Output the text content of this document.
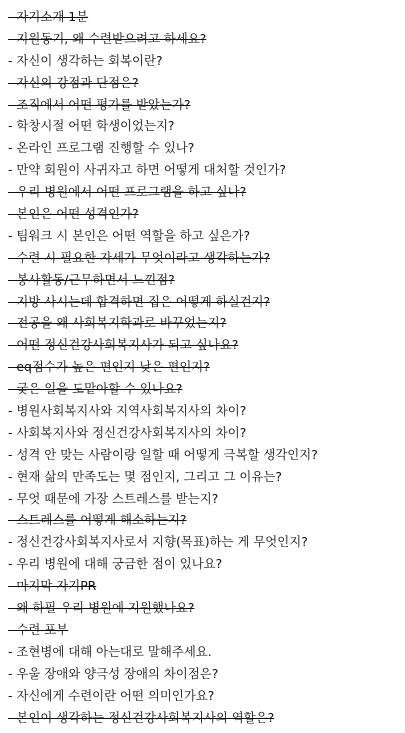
- 자기소개 1분
- 지원동기, 왜 수련받으려고 하세요?
- 자신이 생각하는 회복이란?
- 자신의 강점과 단점은?
- 조직에서 어떤 평가를 받았는가?
- 학창시절 어떤 학생이었는지?
- 온라인 프로그램 진행할 수 있나?
- 만약 회원이 사귀자고 하면 어떻게 대처할 것인가?
- 우리 병원에서 어떤 프로그램을 하고 싶나?
- 본인은 어떤 성격인가?
- 팀워크 시 본인은 어떤 역할을 하고 싶은가?
- 수련 시 필요한 자세가 무엇이라고 생각하는가?
- 봉사활동/근무하면서 느낀점?
- 지방 사시는데 합격하면 집은 어떻게 하실건지?
- 전공을 왜 사회복지학과로 바꾸었는지?
- 어떤 정신건강사회복지사가 되고 싶나요?
- eq점수가 높은 편인지 낮은 편인지?
- 궂은 일을 도맡아할 수 있나요?
- 병원사회복지사와 지역사회복지사의 차이?
- 사회복지사와 정신건강사회복지사의 차이?
- 성격 안 맞는 사람이랑 일할 때 어떻게 극복할 생각인지?
- 현재 삶의 만족도는 몇 점인지, 그리고 그 이유는?
- 무엇 때문에 가장 스트레스를 받는지?
- 스트레스를 어떻게 해소하는지?
- 정신건강사회복지사로서 지향(목표)하는 게 무엇인지?
- 우리 병원에 대해 궁금한 점이 있나요?
- 마지막 자기PR
- 왜 하필 우리 병원에 지원했나요?
- 수련 포부
- 조현병에 대해 아는대로 말해주세요.
- 우울 장애와 양극성 장애의 차이점은?
- 자신에게 수련이란 어떤 의미인가요?
- 본인이 생각하는 정신건강사회복지사의 역할은?
